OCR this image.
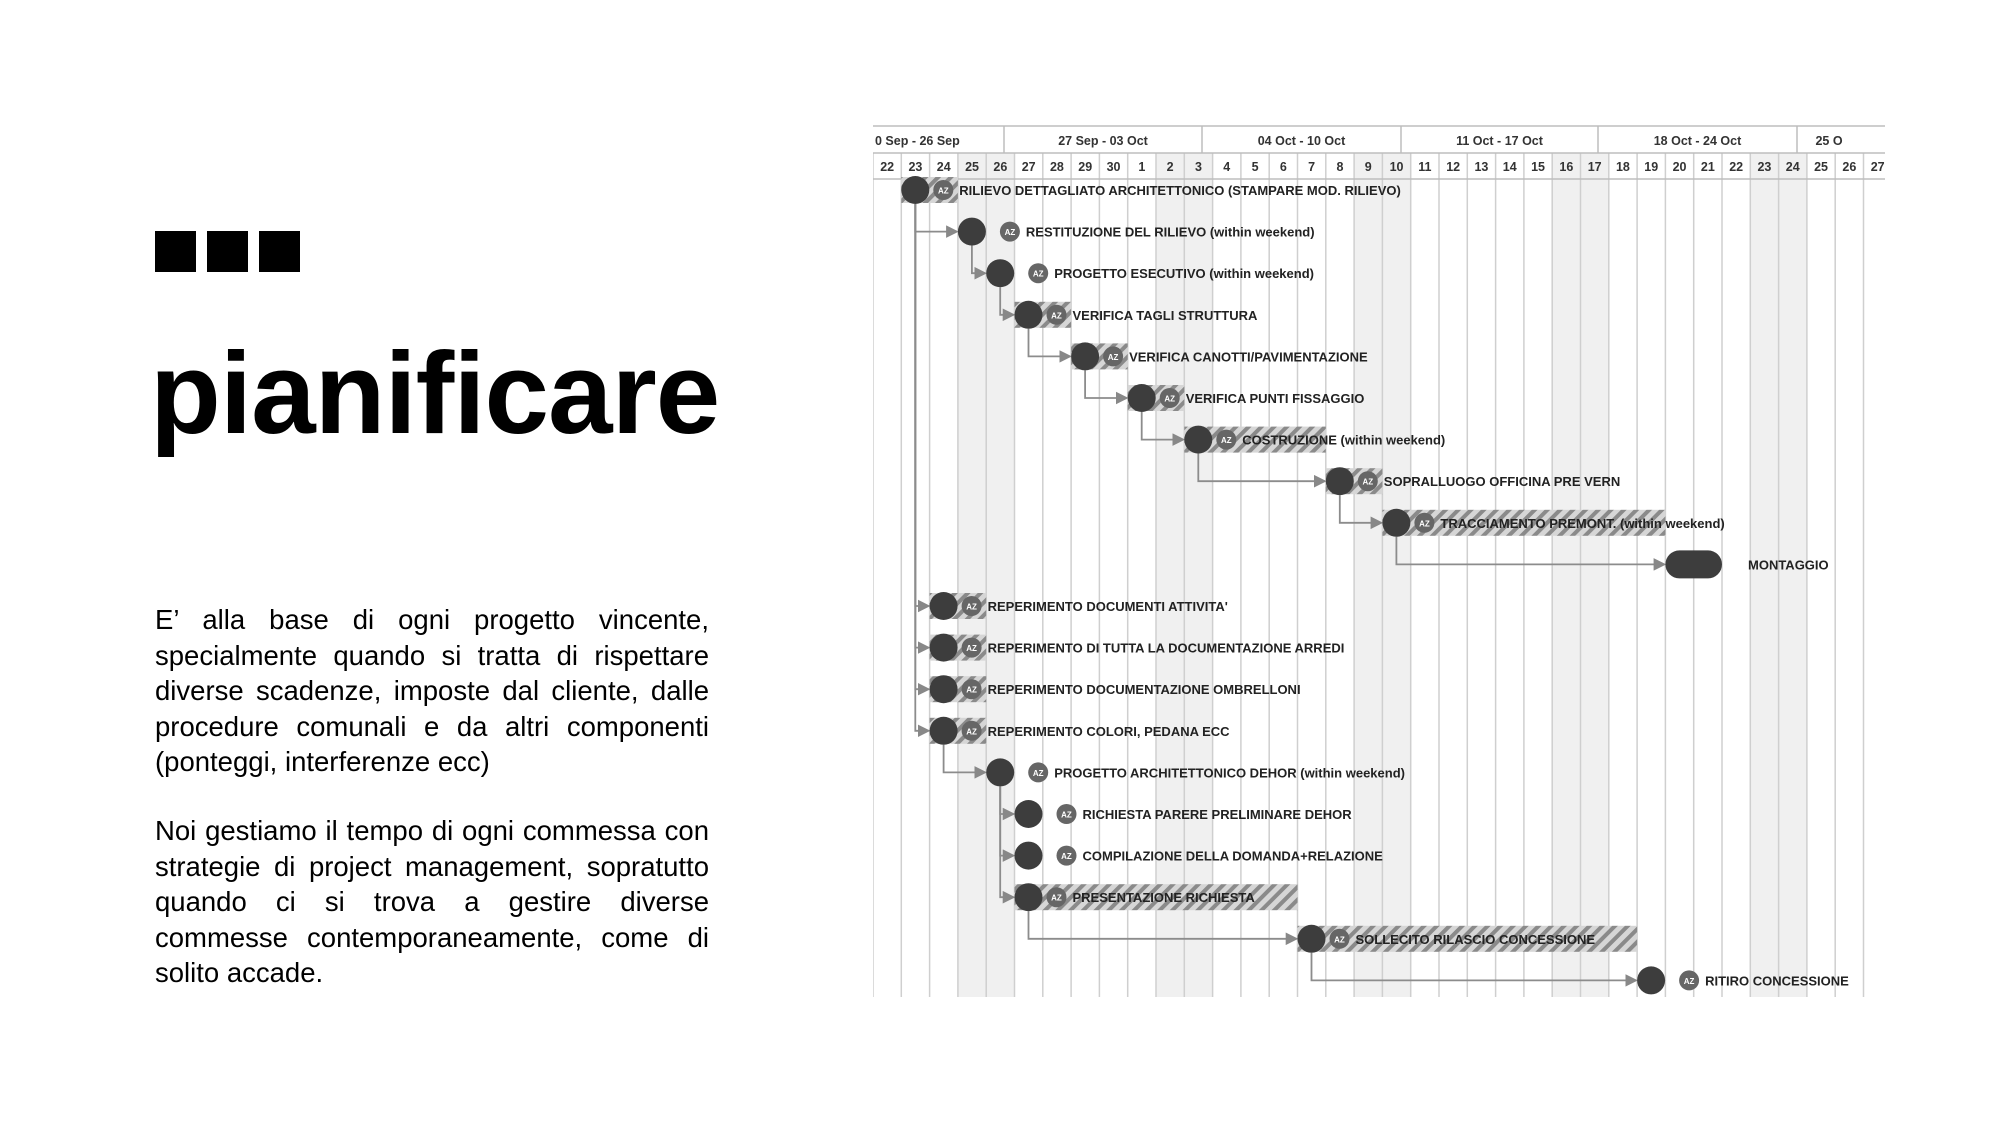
pianificare

E’ alla base di ogni progetto vincente, specialmente quando si tratta di rispettare diverse scadenze, imposte dal cliente, dalle procedure comunali e da altri componenti (ponteggi, interferenze ecc)

Noi gestiamo il tempo di ogni commessa con strategie di project management, sopratutto quando ci si trova a gestire diverse commesse contemporaneamente, come di solito accade.

0 Sep - 26 Sep	27 Sep - 03 Oct	04 Oct - 10 Oct	11 Oct - 17 Oct	18 Oct - 24 Oct	25 O
22 23 24 25 26 27 28 29 30 1 2 3 4 5 6 7 8 9 10 11 12 13 14 15 16 17 18 19 20 21 22 23 24 25 26 27
AZ RILIEVO DETTAGLIATO ARCHITETTONICO (STAMPARE MOD. RILIEVO)
AZ RESTITUZIONE DEL RILIEVO (within weekend)
AZ PROGETTO ESECUTIVO (within weekend)
AZ VERIFICA TAGLI STRUTTURA
AZ VERIFICA CANOTTI/PAVIMENTAZIONE
AZ VERIFICA PUNTI FISSAGGIO
AZ COSTRUZIONE (within weekend)
AZ SOPRALLUOGO OFFICINA PRE VERN
AZ TRACCIAMENTO PREMONT. (within weekend)
MONTAGGIO
AZ REPERIMENTO DOCUMENTI ATTIVITA'
AZ REPERIMENTO DI TUTTA LA DOCUMENTAZIONE ARREDI
AZ REPERIMENTO DOCUMENTAZIONE OMBRELLONI
AZ REPERIMENTO COLORI, PEDANA ECC
AZ PROGETTO ARCHITETTONICO DEHOR (within weekend)
AZ RICHIESTA PARERE PRELIMINARE DEHOR
AZ COMPILAZIONE DELLA DOMANDA+RELAZIONE
AZ PRESENTAZIONE RICHIESTA
AZ SOLLECITO RILASCIO CONCESSIONE
AZ RITIRO CONCESSIONE
